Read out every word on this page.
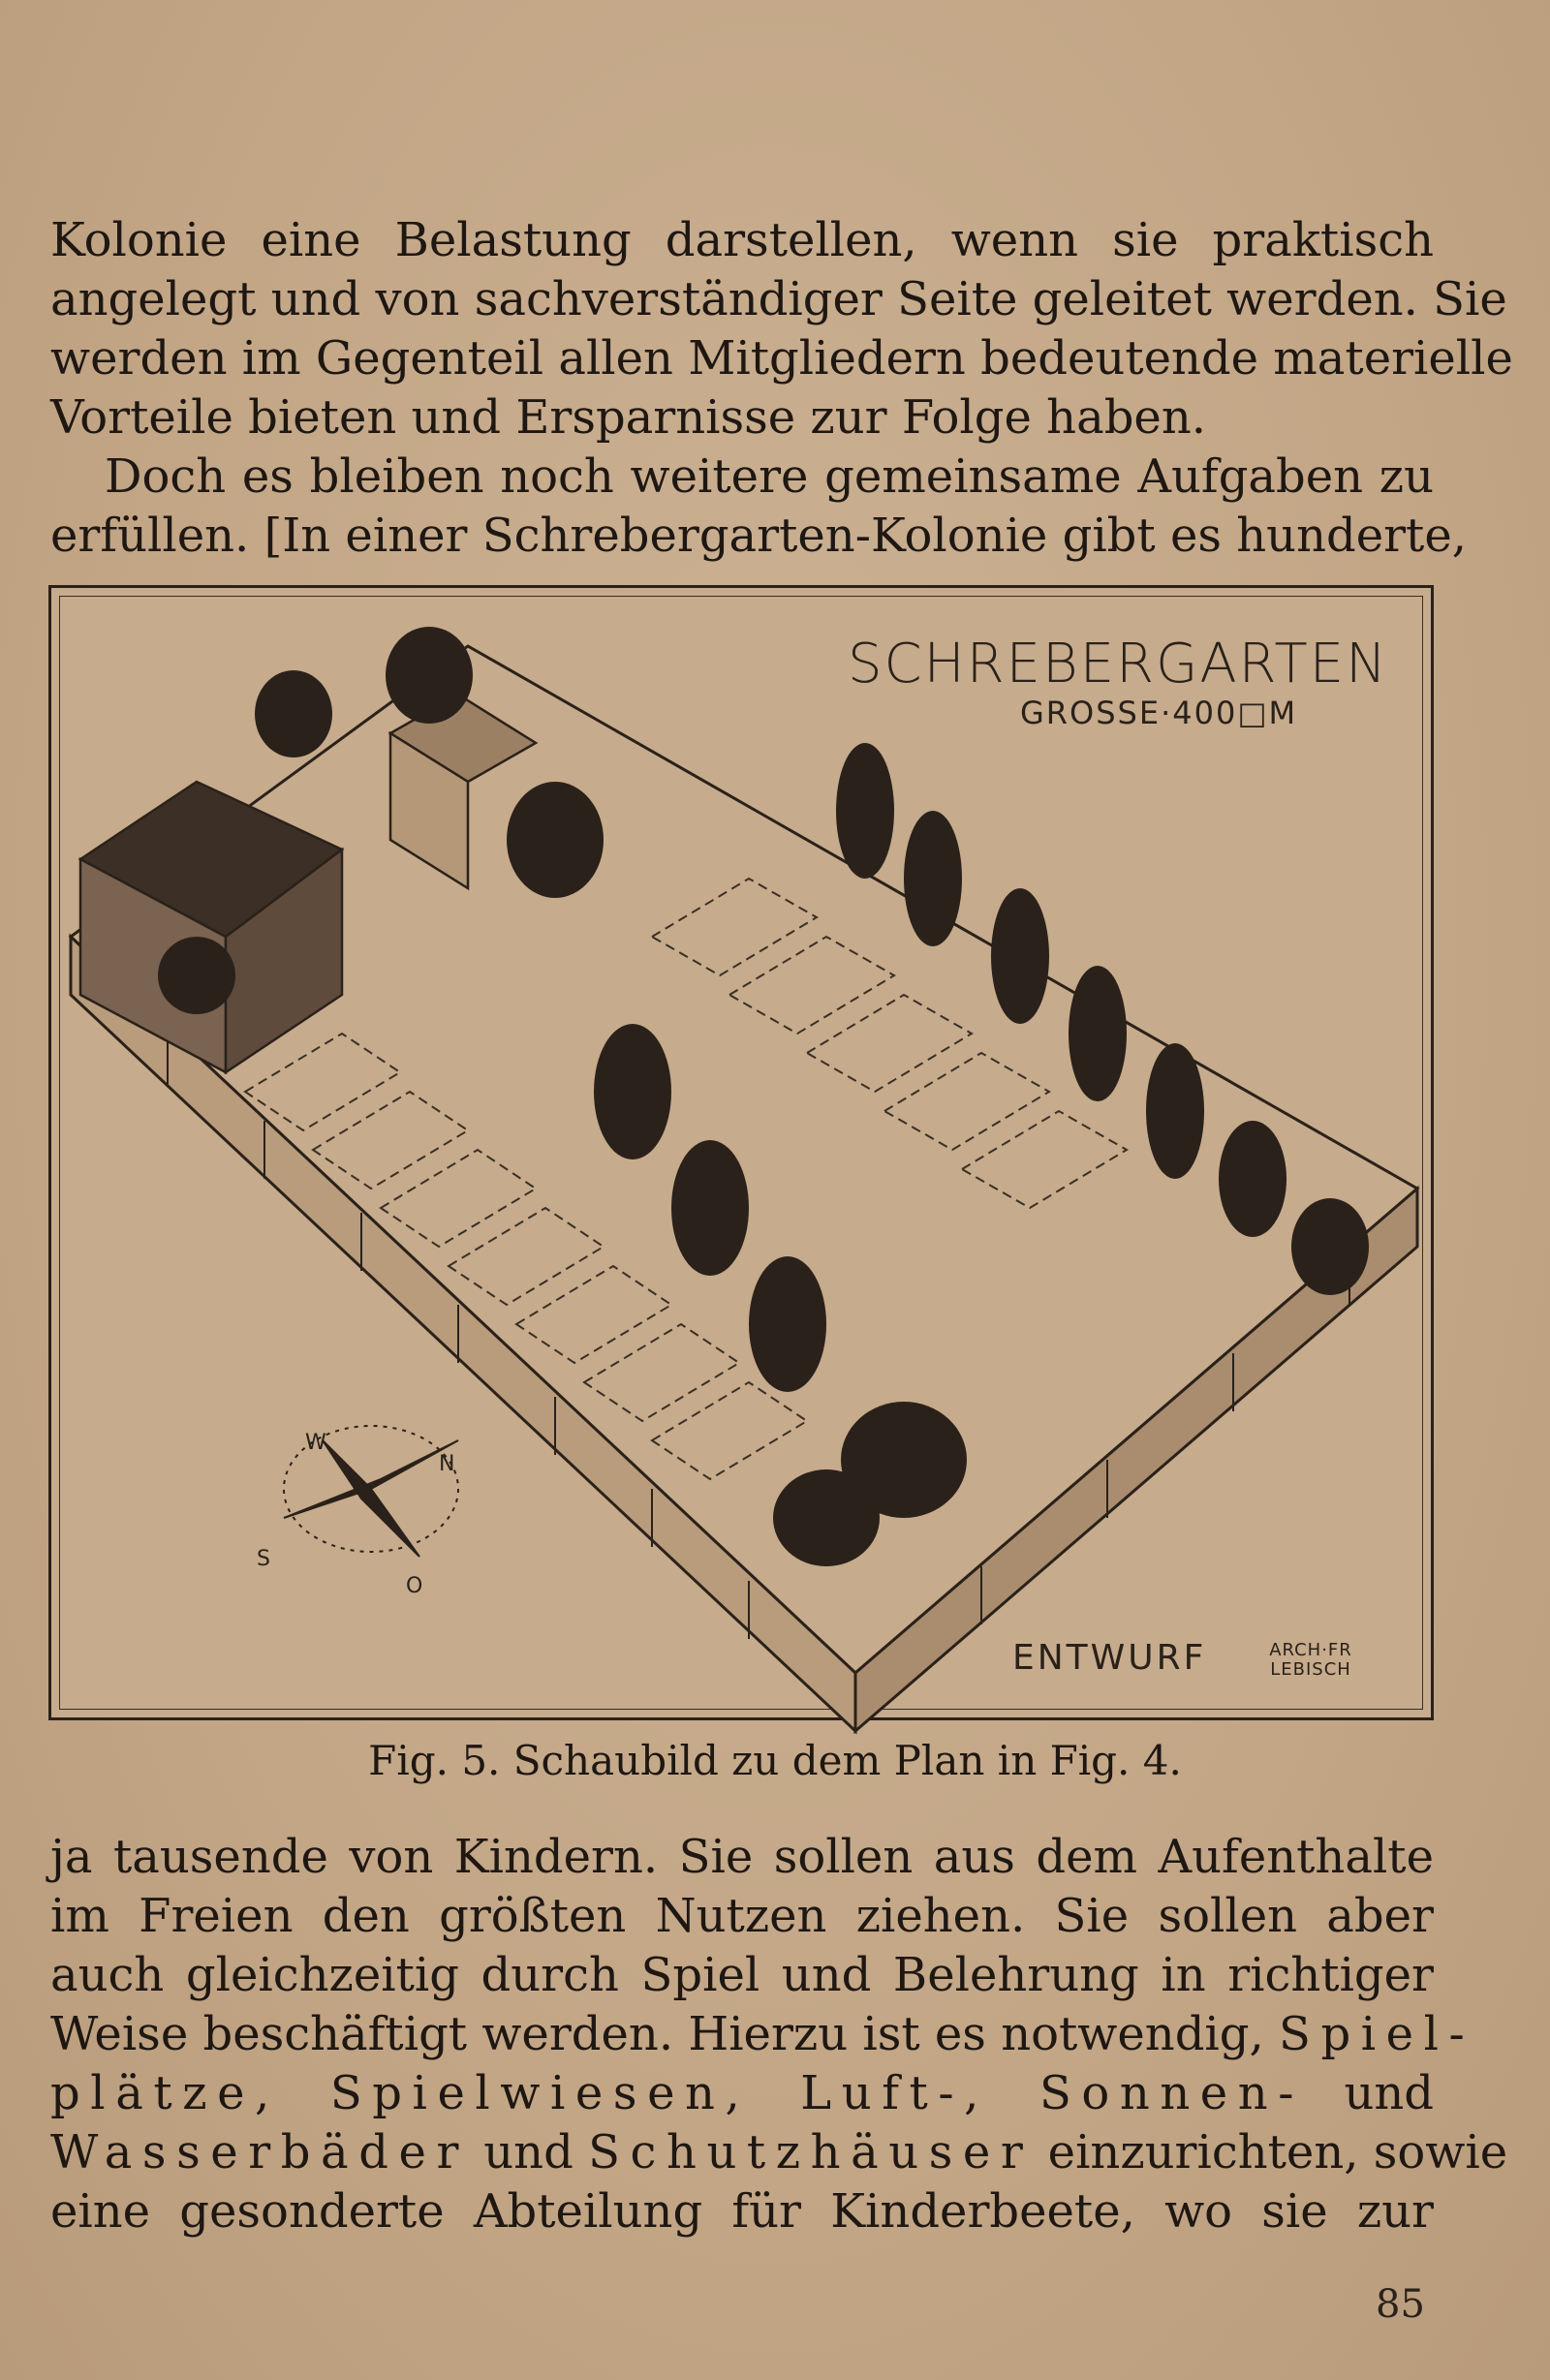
Kolonie eine Belastung darstellen, wenn sie praktisch
angelegt und von sachverständiger Seite geleitet werden. Sie
werden im Gegenteil allen Mitgliedern bedeutende materielle
Vorteile bieten und Ersparnisse zur Folge haben.
Doch es bleiben noch weitere gemeinsame Aufgaben zu
erfüllen. [In einer Schrebergarten-Kolonie gibt es hunderte,
SCHREBERGARTEN
GROSSE·400□M
ENTWURF	ARCH·FR
LEBISCH
W
N
S
O
Fig. 5. Schaubild zu dem Plan in Fig. 4.
ja tausende von Kindern. Sie sollen aus dem Aufenthalte
im Freien den größten Nutzen ziehen. Sie sollen aber
auch gleichzeitig durch Spiel und Belehrung in richtiger
Weise beschäftigt werden. Hierzu ist es notwendig, Spiel-
plätze, Spielwiesen, Luft-, Sonnen- und
Wasserbäder und Schutzhäuser einzurichten, sowie
eine gesonderte Abteilung für Kinderbeete, wo sie zur
85
